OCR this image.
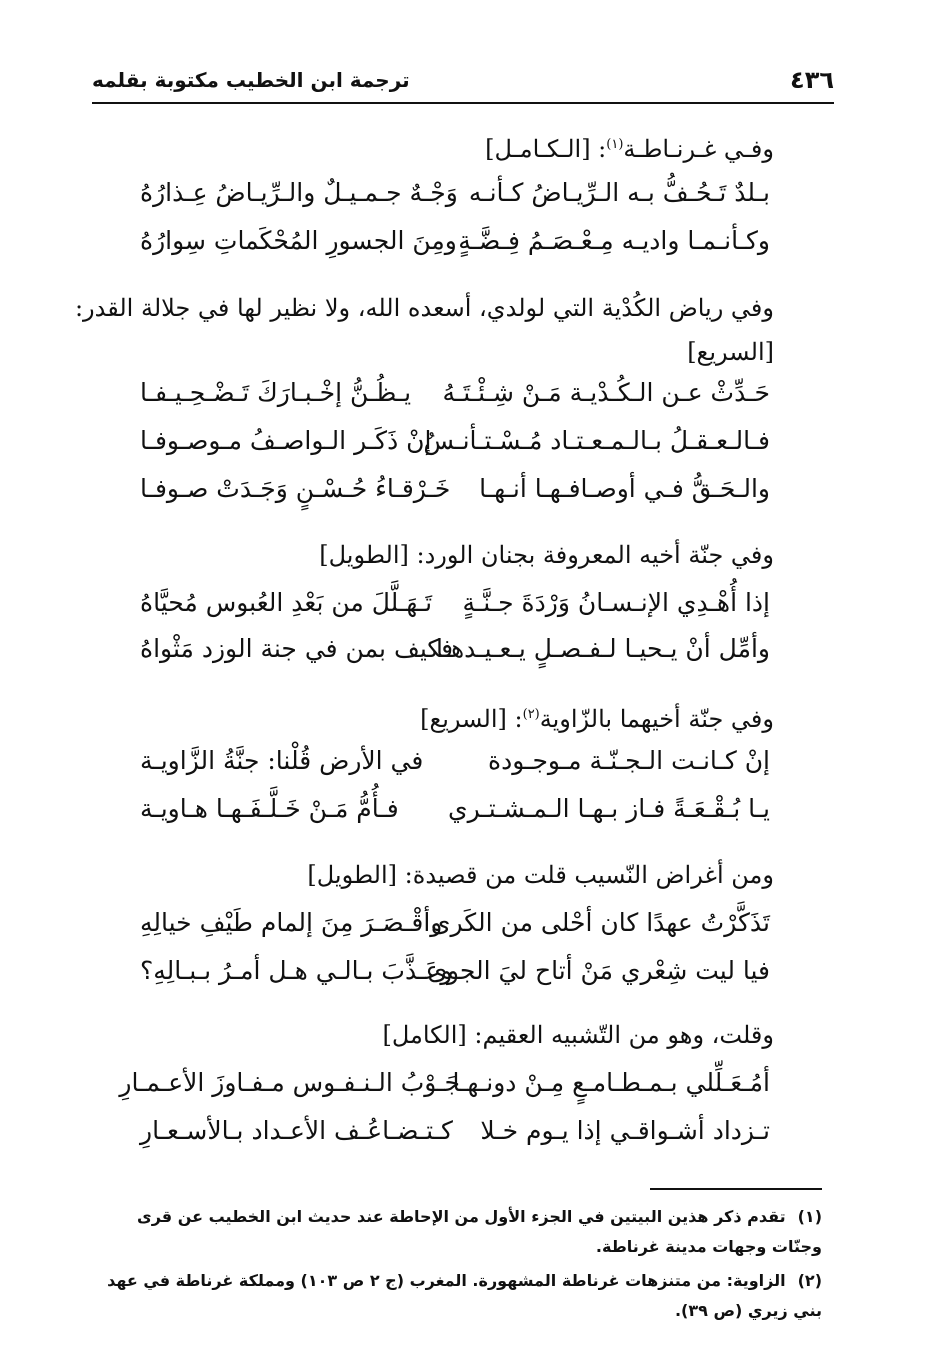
٤٣٦
ترجمة ابن الخطيب مكتوبة بقلمه
وفـي غـرنـاطـة$^{(١)}$: [الـكـامـل]
بـلدٌ تَـحُـفُّ بـه الـرِّيـاضُ كـأنـه
وَجْـهٌ جـمـيـلٌ والـرِّيـاضُ عِـذارُهُ
وكـأنـمـا واديـه مِـعْـصَـمُ فِـضَّـةٍ
ومِنَ الجسورِ المُحْكَماتِ سِوارُهُ
وفي رياض الكُدْية التي لولدي، أسعده الله، ولا نظير لها في جلالة القدر:
[السريع]
حَـدِّثْ عـن الـكُـدْيـة مَـنْ شِـئْـتَـهُ
يـظُـنُّ إخْـبـارَكَ تَـضْـحِـيـفـا
فـالـعـقـلُ بـالـمـعـتـاد مُـسْـتـأنـسٌ
إنْ ذَكَـر الـواصـفُ مـوصـوفـا
والـحَـقُّ فـي أوصـافـهـا أنـهـا
خَـرْقـاءُ حُـسْـنٍ وَجَـدَتْ صـوفـا
وفي جنّة أخيه المعروفة بجنان الورد: [الطويل]
إذا أُهْـدِي الإنـسـانُ وَرْدَةَ جـنَّـةٍ
تَـهَـلَّلَ من بَعْدِ العُبوس مُحيَّاهُ
وأمِّل أنْ يـحيـا لـفـصـلٍ يـعـيـدهـا
فكيف بمن في جنة الوزد مَثْواهُ
وفي جنّة أخيهما بالزّاوية$^{(٢)}$: [السريع]
إنْ كـانـت الـجـنّـة مـوجـودة
في الأرض قُلْنا: جنَّةُ الزَّاويـة
يـا بُـقْـعَـةً فـاز بـهـا الـمـشـتـري
فـأُمُّ مَـنْ خَـلَّـفَـهـا هـاويـة
ومن أغراض النّسيب قلت من قصيدة: [الطويل]
تَذَكَّرْتُ عهدًا كان أحْلى من الكَرى
وأقْـصَـرَ مِنَ إلمام طَيْفِ خيالِهِ
فيا ليت شِعْري مَنْ أتاح ليَ الجوى
وعَـذَّبَ بـالـي هـل أمـرُ بـبـالِهِ؟
وقلت، وهو من التّشبيه العقيم: [الكامل]
أمُـعَـلِّلي بـمـطـامـعٍ مِـنْ دونـهـا
جَـوْبُ الـنـفـوس مـفـاوزَ الأعـمـارِ
تـزداد أشـواقـي إذا يـوم خـلا
كـتـضـاعُـف الأعـداد بـالأسـعـارِ
(١)تقدم ذكر هذين البيتين في الجزء الأول من الإحاطة عند حديث ابن الخطيب عن قرى وجنّات وجهات مدينة غرناطة.
(٢)الزاوية: من متنزهات غرناطة المشهورة. المغرب (ج ٢ ص ١٠٣) ومملكة غرناطة في عهد بني زيري (ص ٣٩).
